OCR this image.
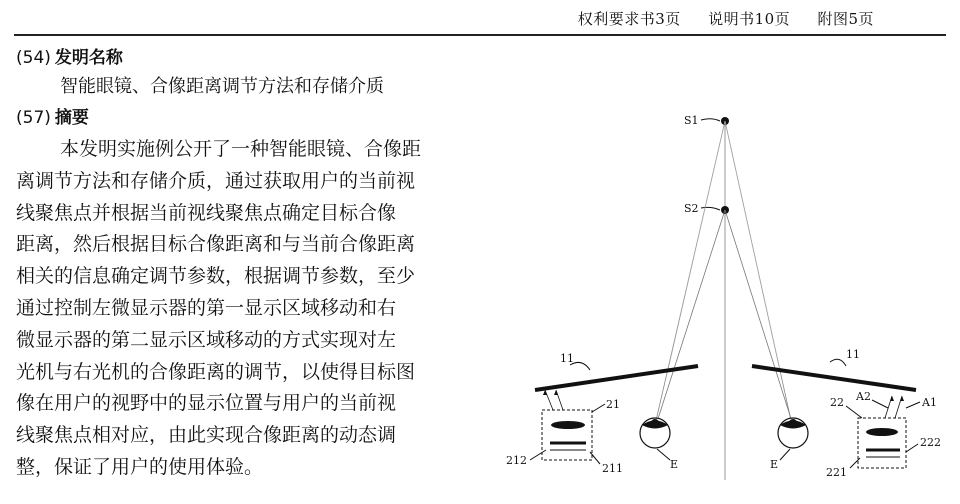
权利要求书3页 说明书10页 附图5页
(54) 发明名称
智能眼镜、合像距离调节方法和存储介质
(57) 摘要
本发明实施例公开了一种智能眼镜、合像距
离调节方法和存储介质，通过获取用户的当前视
线聚焦点并根据当前视线聚焦点确定目标合像
距离，然后根据目标合像距离和与当前合像距离
相关的信息确定调节参数，根据调节参数，至少
通过控制左微显示器的第一显示区域移动和右
微显示器的第二显示区域移动的方式实现对左
光机与右光机的合像距离的调节，以使得目标图
像在用户的视野中的显示位置与用户的当前视
线聚焦点相对应，由此实现合像距离的动态调
整，保证了用户的使用体验。
S1
S2
11	11
E	E
21
212
211
22 A2	A1
222
221
